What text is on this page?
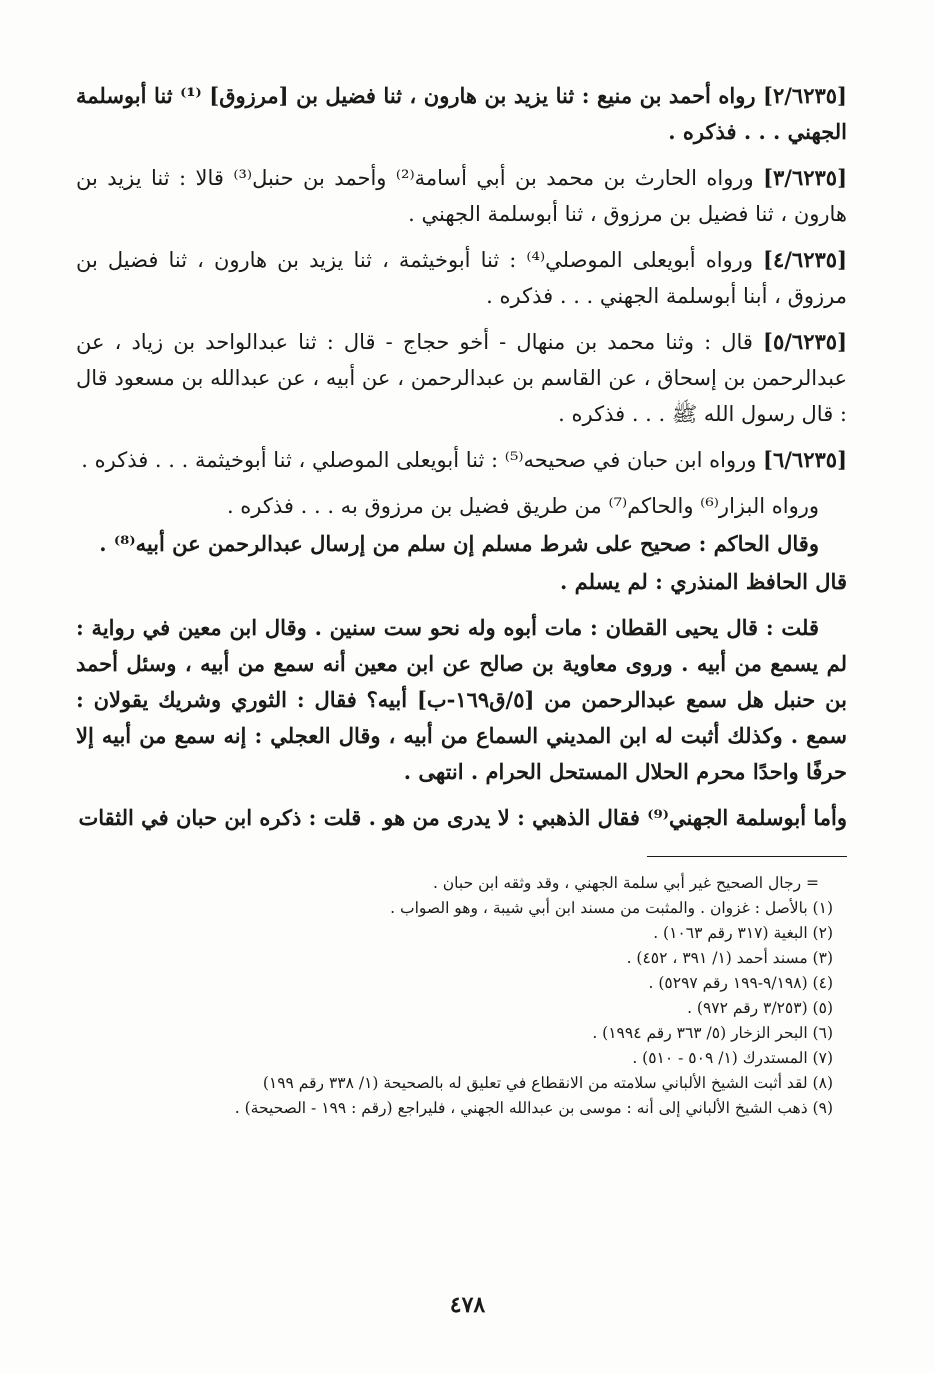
[٢/٦٢٣٥] رواه أحمد بن منيع : ثنا يزيد بن هارون ، ثنا فضيل بن [مرزوق] ⁽¹⁾ ثنا أبوسلمة الجهني . . . فذكره .

[٣/٦٢٣٥] ورواه الحارث بن محمد بن أبي أسامة⁽²⁾ وأحمد بن حنبل⁽³⁾ قالا : ثنا يزيد بن هارون ، ثنا فضيل بن مرزوق ، ثنا أبوسلمة الجهني .

[٤/٦٢٣٥] ورواه أبويعلى الموصلي⁽⁴⁾ : ثنا أبوخيثمة ، ثنا يزيد بن هارون ، ثنا فضيل بن مرزوق ، أبنا أبوسلمة الجهني . . . فذكره .

[٥/٦٢٣٥] قال : وثنا محمد بن منهال - أخو حجاج - قال : ثنا عبدالواحد بن زياد ، عن عبدالرحمن بن إسحاق ، عن القاسم بن عبدالرحمن ، عن أبيه ، عن عبدالله بن مسعود قال : قال رسول الله ﷺ . . . فذكره .

[٦/٦٢٣٥] ورواه ابن حبان في صحيحه⁽⁵⁾ : ثنا أبويعلى الموصلي ، ثنا أبوخيثمة . . . فذكره .

ورواه البزار⁽⁶⁾ والحاكم⁽⁷⁾ من طريق فضيل بن مرزوق به . . . فذكره .

وقال الحاكم : صحيح على شرط مسلم إن سلم من إرسال عبدالرحمن عن أبيه⁽⁸⁾ .

قال الحافظ المنذري : لم يسلم .

قلت : قال يحيى القطان : مات أبوه وله نحو ست سنين . وقال ابن معين في رواية : لم يسمع من أبيه . وروى معاوية بن صالح عن ابن معين أنه سمع من أبيه ، وسئل أحمد بن حنبل هل سمع عبدالرحمن من [٥/ق١٦٩-ب] أبيه؟ فقال : الثوري وشريك يقولان : سمع . وكذلك أثبت له ابن المديني السماع من أبيه ، وقال العجلي : إنه سمع من أبيه إلا حرفًا واحدًا محرم الحلال المستحل الحرام . انتهى .

وأما أبوسلمة الجهني⁽⁹⁾ فقال الذهبي : لا يدرى من هو . قلت : ذكره ابن حبان في الثقات

= رجال الصحيح غير أبي سلمة الجهني ، وقد وثقه ابن حبان .
(١) بالأصل : غزوان . والمثبت من مسند ابن أبي شيبة ، وهو الصواب .
(٢) البغية (٣١٧ رقم ١٠٦٣) .
(٣) مسند أحمد (١/ ٣٩١ ، ٤٥٢) .
(٤) (٩/١٩٨-١٩٩ رقم ٥٢٩٧) .
(٥) (٣/٢٥٣ رقم ٩٧٢) .
(٦) البحر الزخار (٥/ ٣٦٣ رقم ١٩٩٤) .
(٧) المستدرك (١/ ٥٠٩ - ٥١٠) .
(٨) لقد أثبت الشيخ الألباني سلامته من الانقطاع في تعليق له بالصحيحة (١/ ٣٣٨ رقم ١٩٩)
(٩) ذهب الشيخ الألباني إلى أنه : موسى بن عبدالله الجهني ، فليراجع (رقم : ١٩٩ - الصحيحة) .
٤٧٨
